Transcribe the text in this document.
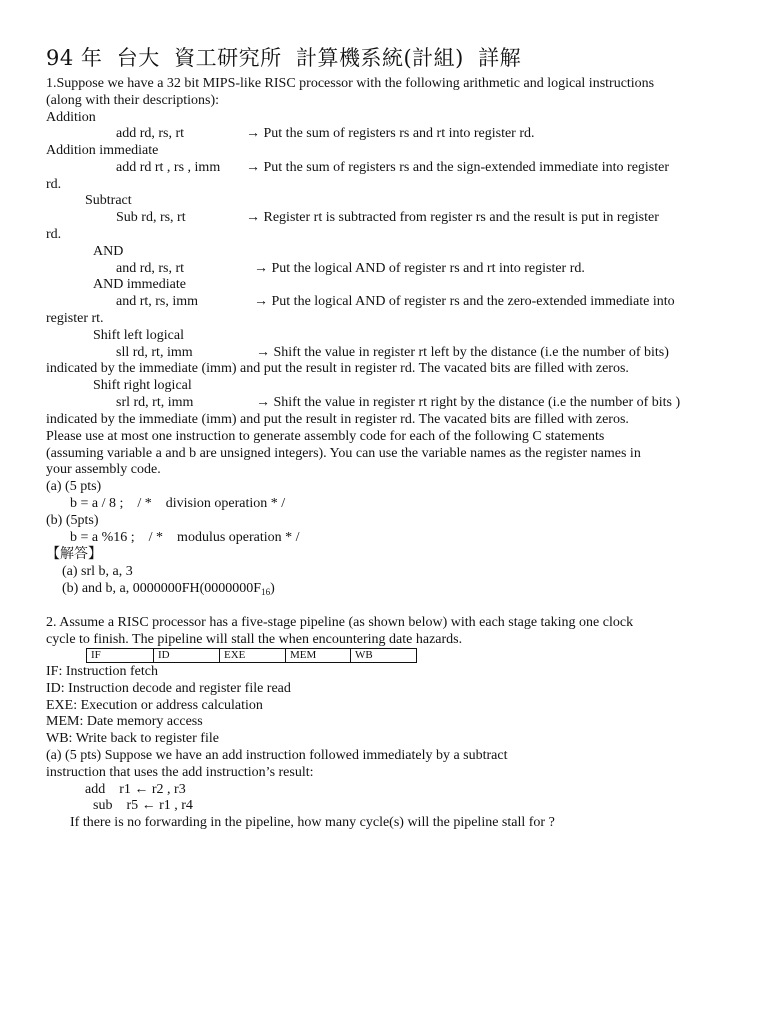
94 年  台大  資工研究所  計算機系統(計組)  詳解
1.Suppose we have a 32 bit MIPS-like RISC processor with the following arithmetic and logical instructions
(along with their descriptions):
Addition
add rd, rs, rt	→ Put the sum of registers rs and rt into register rd.
Addition immediate
add rd rt , rs , imm → Put the sum of registers rs and the sign-extended immediate into register
rd.
Subtract
Sub rd, rs, rt	→ Register rt is subtracted from register rs and the result is put in register
rd.
AND
and rd, rs, rt	→ Put the logical AND of register rs and rt into register rd.
AND immediate
and rt, rs, imm	→ Put the logical AND of register rs and the zero-extended immediate into
register rt.
Shift left logical
sll rd, rt, imm	→ Shift the value in register rt left by the distance (i.e the number of bits)
indicated by the immediate (imm) and put the result in register rd. The vacated bits are filled with zeros.
Shift right logical
srl rd, rt, imm	→ Shift the value in register rt right by the distance (i.e the number of bits )
indicated by the immediate (imm) and put the result in register rd. The vacated bits are filled with zeros.
Please use at most one instruction to generate assembly code for each of the following C statements
(assuming variable a and b are unsigned integers). You can use the variable names as the register names in
your assembly code.
(a) (5 pts)
b = a / 8 ;    / *    division operation * /
(b) (5pts)
b = a %16 ;    / *    modulus operation * /
【解答】
(a) srl b, a, 3
(b) and b, a, $0000000FH(0000000F_{16})$
2. Assume a RISC processor has a five-stage pipeline (as shown below) with each stage taking one clock
cycle to finish. The pipeline will stall the when encountering date hazards.
IF	ID	EXE	MEM	WB
IF: Instruction fetch
ID: Instruction decode and register file read
EXE: Execution or address calculation
MEM: Date memory access
WB: Write back to register file
(a) (5 pts) Suppose we have an add instruction followed immediately by a subtract
instruction that uses the add instruction’s result:
add    r1 ← r2 , r3
sub    r5 ← r1 , r4
If there is no forwarding in the pipeline, how many cycle(s) will the pipeline stall for ?
